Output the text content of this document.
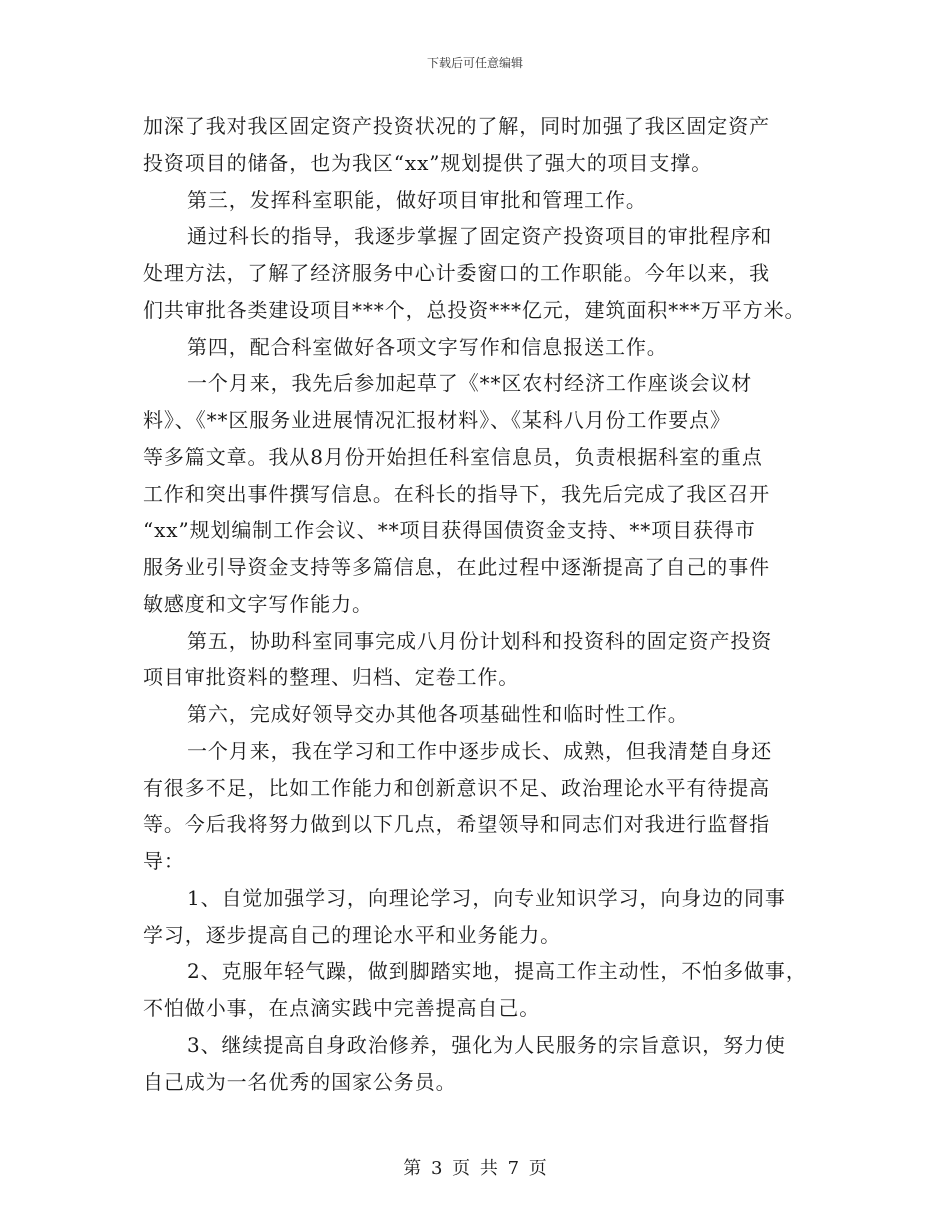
下载后可任意编辑
加深了我对我区固定资产投资状况的了解，同时加强了我区固定资产
投资项目的储备，也为我区“xx”规划提供了强大的项目支撑。
第三，发挥科室职能，做好项目审批和管理工作。
通过科长的指导，我逐步掌握了固定资产投资项目的审批程序和
处理方法，了解了经济服务中心计委窗口的工作职能。今年以来，我
们共审批各类建设项目***个，总投资***亿元，建筑面积***万平方米。
第四，配合科室做好各项文字写作和信息报送工作。
一个月来，我先后参加起草了《**区农村经济工作座谈会议材
料》、《**区服务业进展情况汇报材料》、《某科八月份工作要点》
等多篇文章。我从8月份开始担任科室信息员，负责根据科室的重点
工作和突出事件撰写信息。在科长的指导下，我先后完成了我区召开
“xx”规划编制工作会议、**项目获得国债资金支持、**项目获得市
服务业引导资金支持等多篇信息，在此过程中逐渐提高了自己的事件
敏感度和文字写作能力。
第五，协助科室同事完成八月份计划科和投资科的固定资产投资
项目审批资料的整理、归档、定卷工作。
第六，完成好领导交办其他各项基础性和临时性工作。
一个月来，我在学习和工作中逐步成长、成熟，但我清楚自身还
有很多不足，比如工作能力和创新意识不足、政治理论水平有待提高
等。今后我将努力做到以下几点，希望领导和同志们对我进行监督指
导：
1、自觉加强学习，向理论学习，向专业知识学习，向身边的同事
学习，逐步提高自己的理论水平和业务能力。
2、克服年轻气躁，做到脚踏实地，提高工作主动性，不怕多做事，
不怕做小事，在点滴实践中完善提高自己。
3、继续提高自身政治修养，强化为人民服务的宗旨意识，努力使
自己成为一名优秀的国家公务员。
第 3 页 共 7 页
